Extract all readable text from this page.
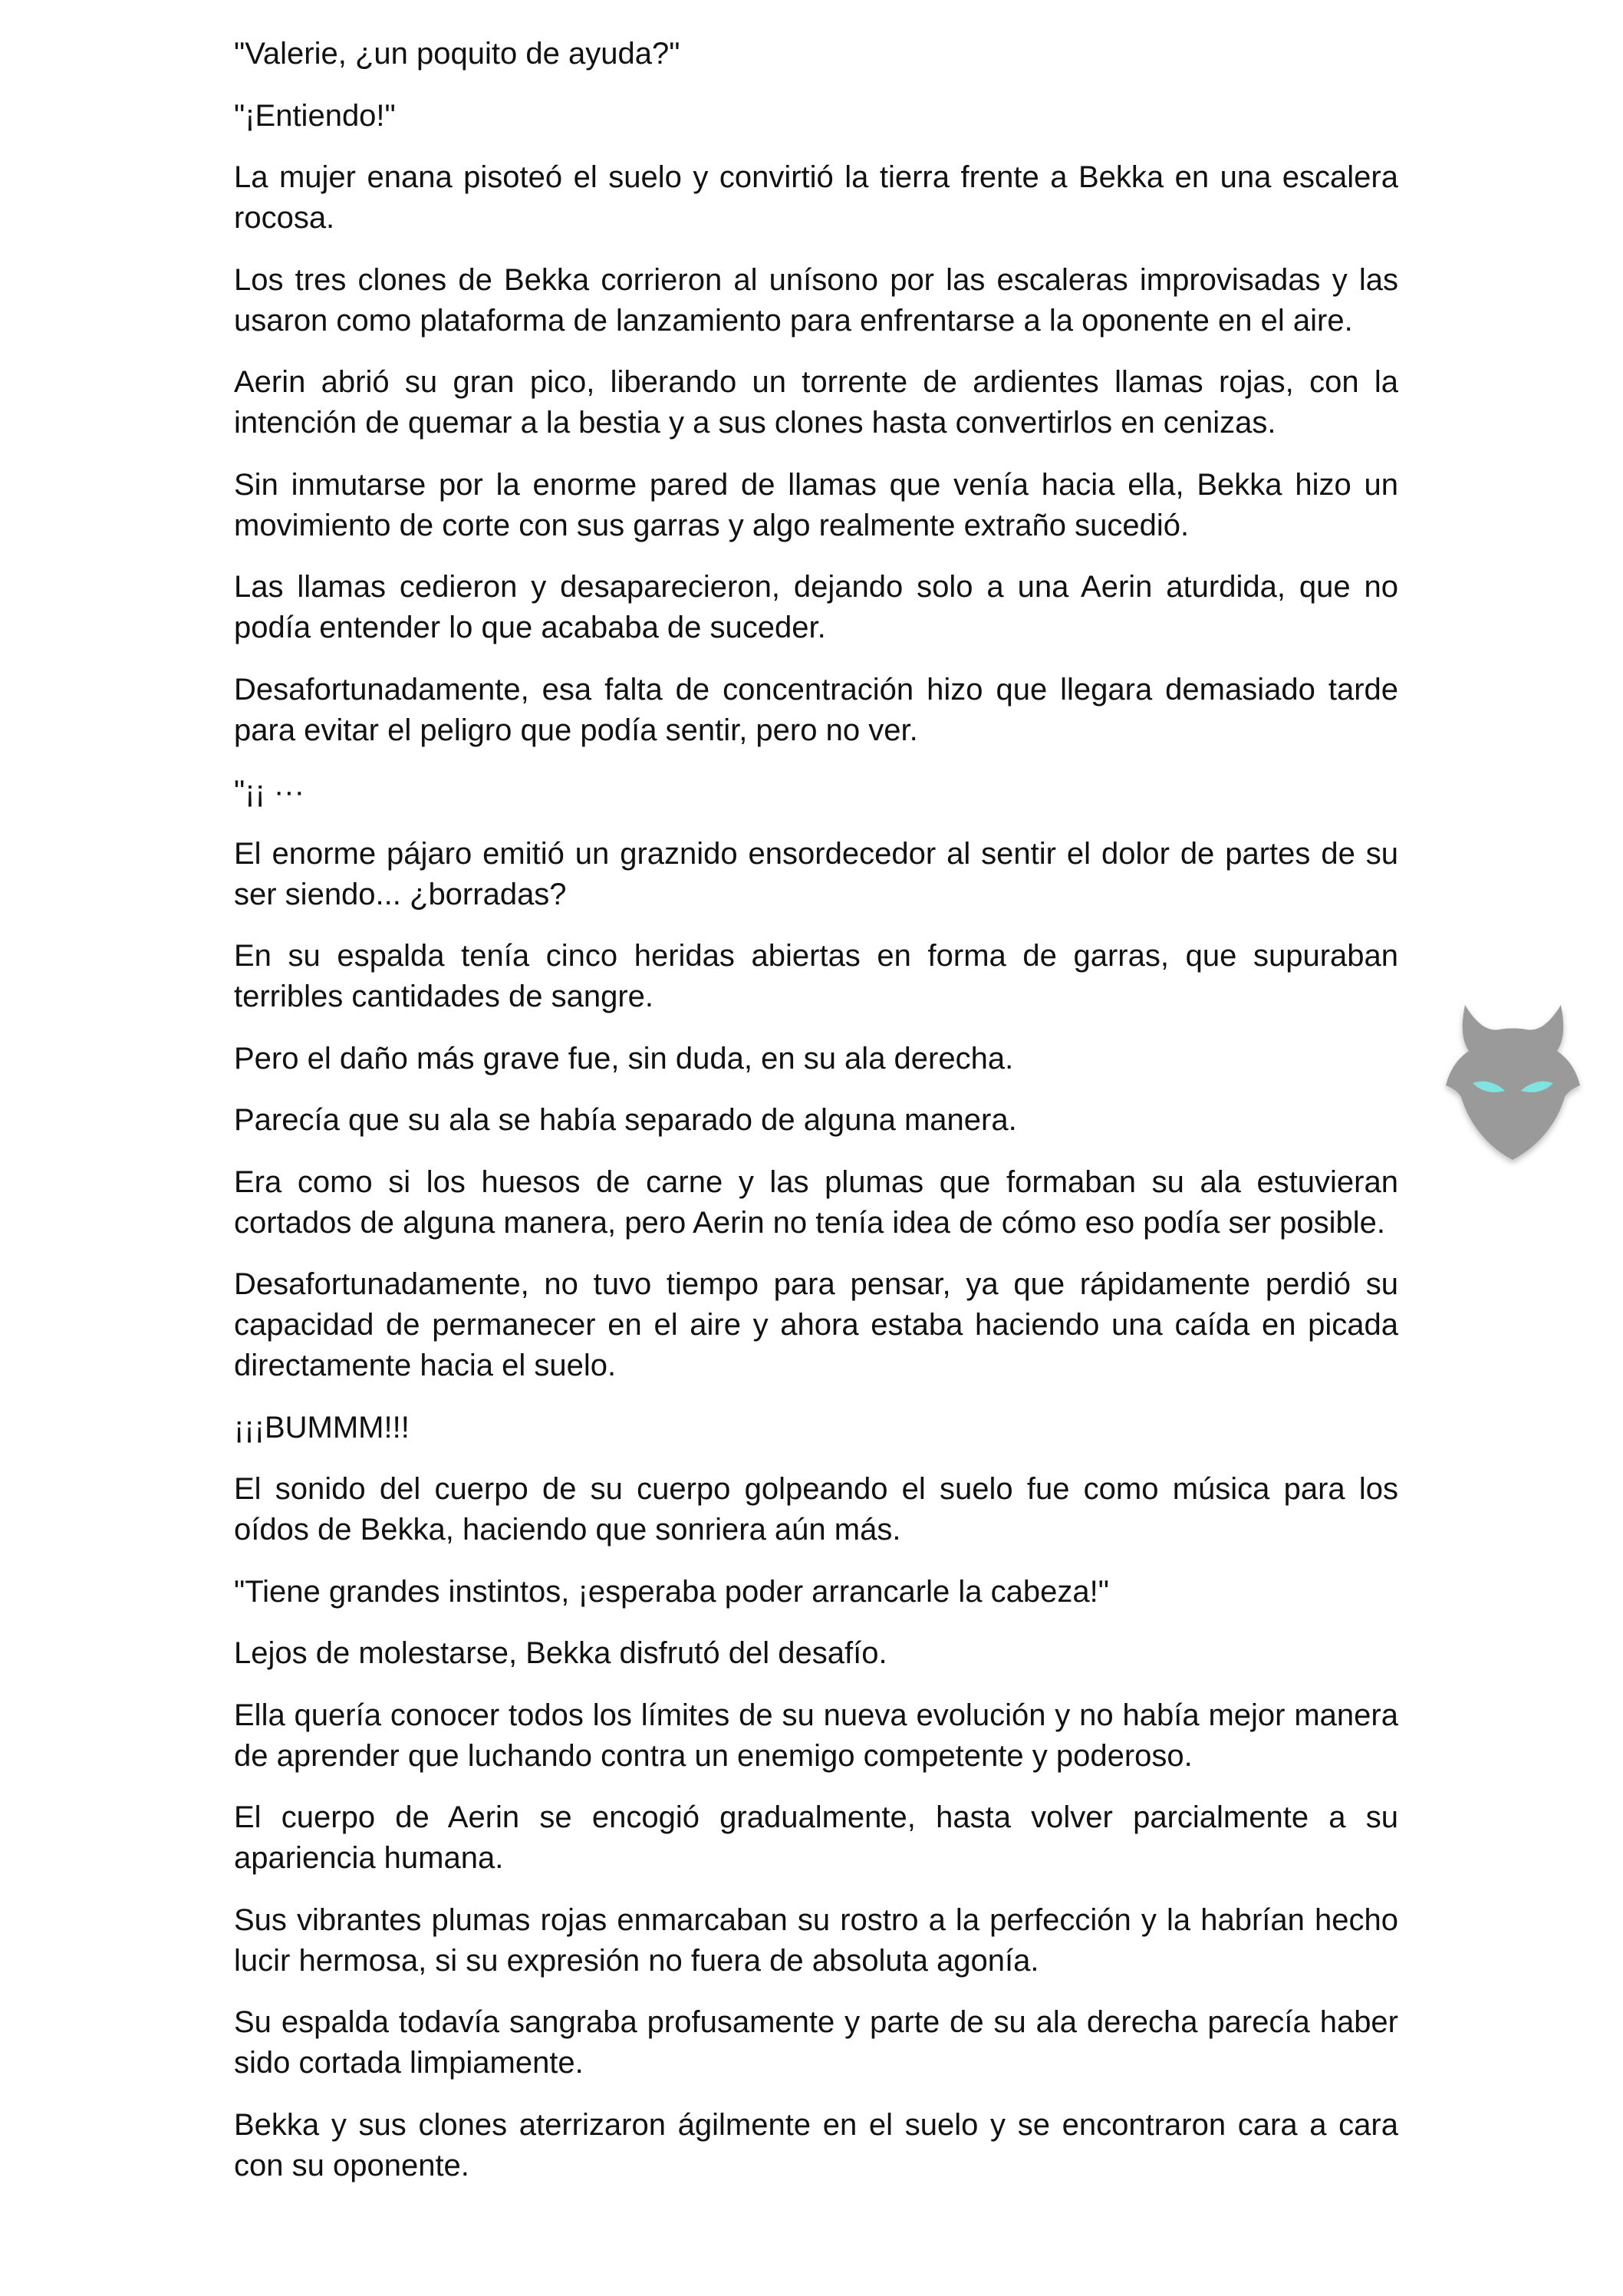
"Valerie, ¿un poquito de ayuda?"

"¡Entiendo!"

La mujer enana pisoteó el suelo y convirtió la tierra frente a Bekka en una escalera rocosa.

Los tres clones de Bekka corrieron al unísono por las escaleras improvisadas y las usaron como plataforma de lanzamiento para enfrentarse a la oponente en el aire.

Aerin abrió su gran pico, liberando un torrente de ardientes llamas rojas, con la intención de quemar a la bestia y a sus clones hasta convertirlos en cenizas.

Sin inmutarse por la enorme pared de llamas que venía hacia ella, Bekka hizo un movimiento de corte con sus garras y algo realmente extraño sucedió.

Las llamas cedieron y desaparecieron, dejando solo a una Aerin aturdida, que no podía entender lo que acababa de suceder.

Desafortunadamente, esa falta de concentración hizo que llegara demasiado tarde para evitar el peligro que podía sentir, pero no ver.

"¡¡ ···

El enorme pájaro emitió un graznido ensordecedor al sentir el dolor de partes de su ser siendo... ¿borradas?

En su espalda tenía cinco heridas abiertas en forma de garras, que supuraban terribles cantidades de sangre.

Pero el daño más grave fue, sin duda, en su ala derecha.

Parecía que su ala se había separado de alguna manera.

Era como si los huesos de carne y las plumas que formaban su ala estuvieran cortados de alguna manera, pero Aerin no tenía idea de cómo eso podía ser posible.

Desafortunadamente, no tuvo tiempo para pensar, ya que rápidamente perdió su capacidad de permanecer en el aire y ahora estaba haciendo una caída en picada directamente hacia el suelo.

¡¡¡BUMMM!!!

El sonido del cuerpo de su cuerpo golpeando el suelo fue como música para los oídos de Bekka, haciendo que sonriera aún más.

"Tiene grandes instintos, ¡esperaba poder arrancarle la cabeza!"

Lejos de molestarse, Bekka disfrutó del desafío.

Ella quería conocer todos los límites de su nueva evolución y no había mejor manera de aprender que luchando contra un enemigo competente y poderoso.

El cuerpo de Aerin se encogió gradualmente, hasta volver parcialmente a su apariencia humana.

Sus vibrantes plumas rojas enmarcaban su rostro a la perfección y la habrían hecho lucir hermosa, si su expresión no fuera de absoluta agonía.

Su espalda todavía sangraba profusamente y parte de su ala derecha parecía haber sido cortada limpiamente.

Bekka y sus clones aterrizaron ágilmente en el suelo y se encontraron cara a cara con su oponente.
